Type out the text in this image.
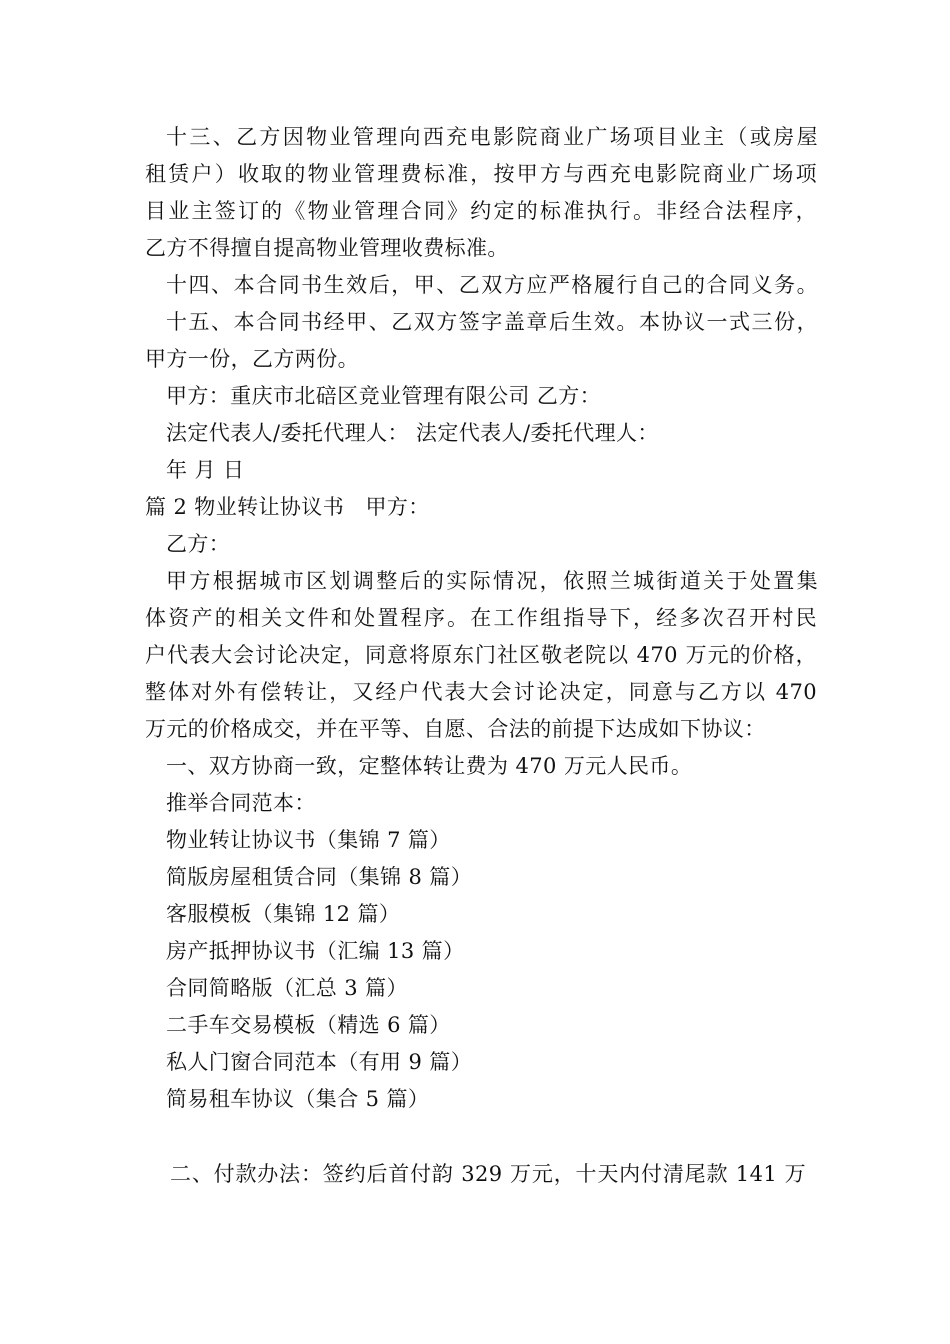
十三、乙方因物业管理向西充电影院商业广场项目业主（或房屋
租赁户）收取的物业管理费标准，按甲方与西充电影院商业广场项
目业主签订的《物业管理合同》约定的标准执行。非经合法程序，
乙方不得擅自提高物业管理收费标准。
十四、本合同书生效后，甲、乙双方应严格履行自己的合同义务。
十五、本合同书经甲、乙双方签字盖章后生效。本协议一式三份，
甲方一份，乙方两份。
甲方：重庆市北碚区竞业管理有限公司 乙方：
法定代表人/委托代理人： 法定代表人/委托代理人：
年 月 日
篇 2 物业转让协议书　甲方：
乙方：
甲方根据城市区划调整后的实际情况，依照兰城街道关于处置集
体资产的相关文件和处置程序。在工作组指导下，经多次召开村民
户代表大会讨论决定，同意将原东门社区敬老院以 470 万元的价格，
整体对外有偿转让，又经户代表大会讨论决定，同意与乙方以 470
万元的价格成交，并在平等、自愿、合法的前提下达成如下协议：
一、双方协商一致，定整体转让费为 470 万元人民币。
推举合同范本：
物业转让协议书（集锦 7 篇）
简版房屋租赁合同（集锦 8 篇）
客服模板（集锦 12 篇）
房产抵押协议书（汇编 13 篇）
合同简略版（汇总 3 篇）
二手车交易模板（精选 6 篇）
私人门窗合同范本（有用 9 篇）
简易租车协议（集合 5 篇）
二、付款办法：签约后首付韵 329 万元，十天内付清尾款 141 万
